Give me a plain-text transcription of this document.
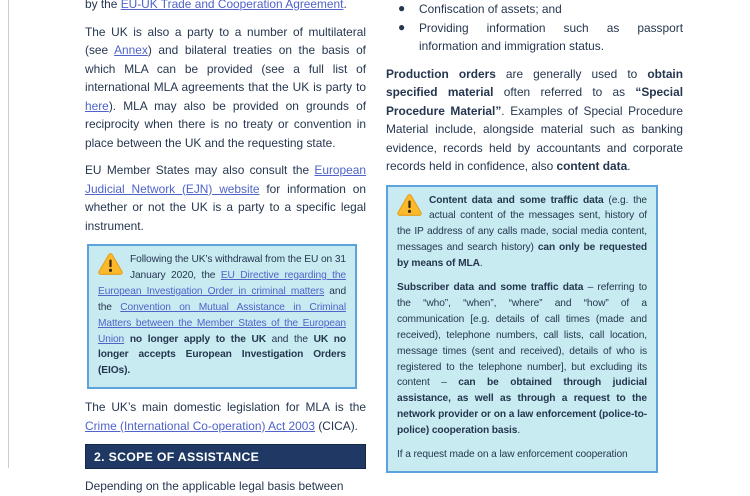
by the EU-UK Trade and Cooperation Agreement.

The UK is also a party to a number of multilateral (see Annex) and bilateral treaties on the basis of which MLA can be provided (see a full list of international MLA agreements that the UK is party to here). MLA may also be provided on grounds of reciprocity when there is no treaty or convention in place between the UK and the requesting state.

EU Member States may also consult the European Judicial Network (EJN) website for information on whether or not the UK is a party to a specific legal instrument.

Following the UK’s withdrawal from the EU on 31 January 2020, the EU Directive regarding the European Investigation Order in criminal matters and the Convention on Mutual Assistance in Criminal Matters between the Member States of the European Union no longer apply to the UK and the UK no longer accepts European Investigation Orders (EIOs).

The UK’s main domestic legislation for MLA is the Crime (International Co-operation) Act 2003 (CICA).

2. SCOPE OF ASSISTANCE

Depending on the applicable legal basis between

● Confiscation of assets; and
● Providing information such as passport information and immigration status.

Production orders are generally used to obtain specified material often referred to as “Special Procedure Material”. Examples of Special Procedure Material include, alongside material such as banking evidence, records held by accountants and corporate records held in confidence, also content data.

Content data and some traffic data (e.g. the actual content of the messages sent, history of the IP address of any calls made, social media content, messages and search history) can only be requested by means of MLA.

Subscriber data and some traffic data – referring to the “who”, “when”, “where” and “how” of a communication [e.g. details of call times (made and received), telephone numbers, call lists, call location, message times (sent and received), details of who is registered to the telephone number], but excluding its content – can be obtained through judicial assistance, as well as through a request to the network provider or on a law enforcement (police-to-police) cooperation basis.

If a request made on a law enforcement cooperation
